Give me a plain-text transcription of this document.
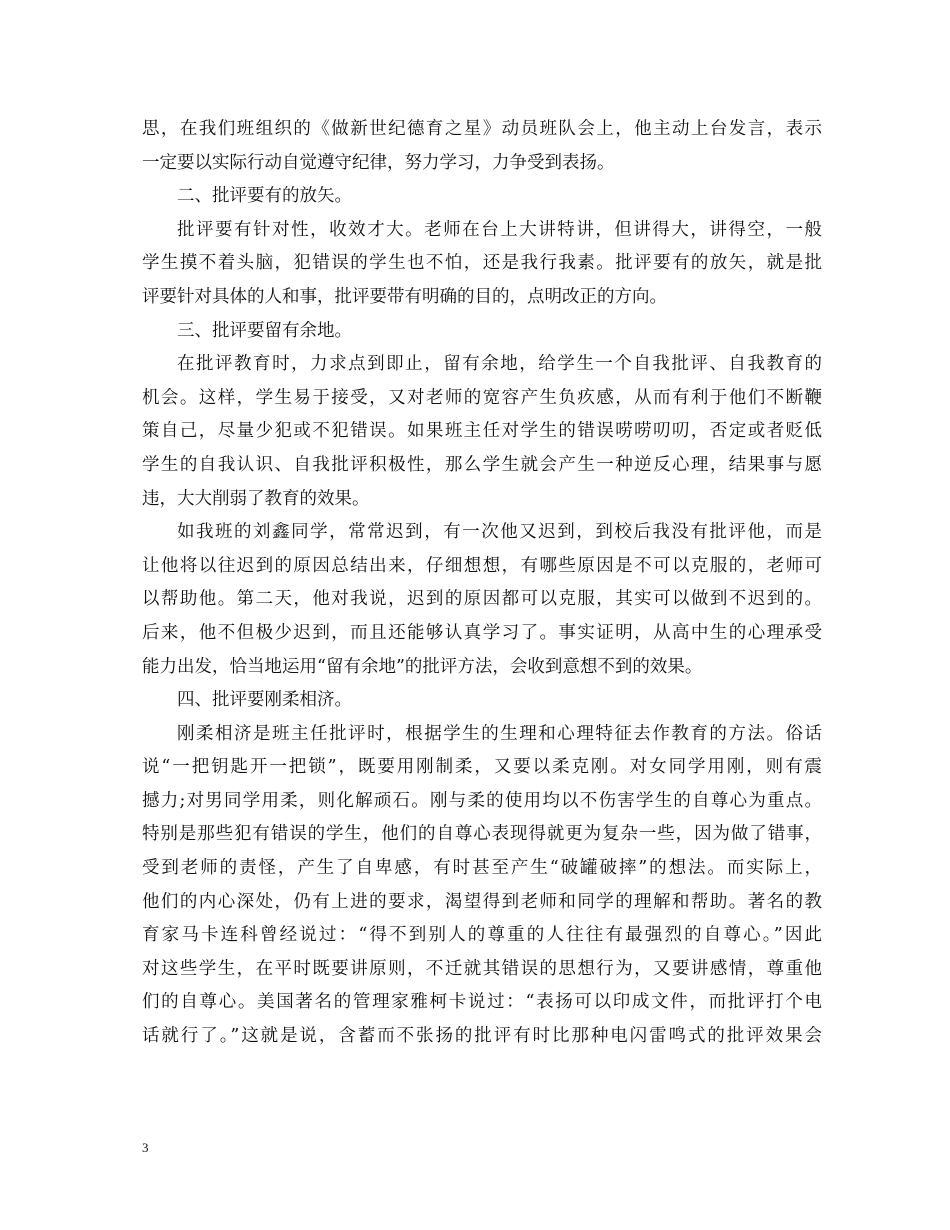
思，在我们班组织的《做新世纪德育之星》动员班队会上，他主动上台发言，表示
一定要以实际行动自觉遵守纪律，努力学习，力争受到表扬。
二、批评要有的放矢。
批评要有针对性，收效才大。老师在台上大讲特讲，但讲得大，讲得空，一般
学生摸不着头脑，犯错误的学生也不怕，还是我行我素。批评要有的放矢，就是批
评要针对具体的人和事，批评要带有明确的目的，点明改正的方向。
三、批评要留有余地。
在批评教育时，力求点到即止，留有余地，给学生一个自我批评、自我教育的
机会。这样，学生易于接受，又对老师的宽容产生负疚感，从而有利于他们不断鞭
策自己，尽量少犯或不犯错误。如果班主任对学生的错误唠唠叨叨，否定或者贬低
学生的自我认识、自我批评积极性，那么学生就会产生一种逆反心理，结果事与愿
违，大大削弱了教育的效果。
如我班的刘鑫同学，常常迟到，有一次他又迟到，到校后我没有批评他，而是
让他将以往迟到的原因总结出来，仔细想想，有哪些原因是不可以克服的，老师可
以帮助他。第二天，他对我说，迟到的原因都可以克服，其实可以做到不迟到的。
后来，他不但极少迟到，而且还能够认真学习了。事实证明，从高中生的心理承受
能力出发，恰当地运用“留有余地”的批评方法，会收到意想不到的效果。
四、批评要刚柔相济。
刚柔相济是班主任批评时，根据学生的生理和心理特征去作教育的方法。俗话
说“一把钥匙开一把锁”，既要用刚制柔，又要以柔克刚。对女同学用刚，则有震
撼力;对男同学用柔，则化解顽石。刚与柔的使用均以不伤害学生的自尊心为重点。
特别是那些犯有错误的学生，他们的自尊心表现得就更为复杂一些，因为做了错事，
受到老师的责怪，产生了自卑感，有时甚至产生“破罐破摔”的想法。而实际上，
他们的内心深处，仍有上进的要求，渴望得到老师和同学的理解和帮助。著名的教
育家马卡连科曾经说过：“得不到别人的尊重的人往往有最强烈的自尊心。”因此
对这些学生，在平时既要讲原则，不迁就其错误的思想行为，又要讲感情，尊重他
们的自尊心。美国著名的管理家雅柯卡说过：“表扬可以印成文件，而批评打个电
话就行了。”这就是说，含蓄而不张扬的批评有时比那种电闪雷鸣式的批评效果会
3
